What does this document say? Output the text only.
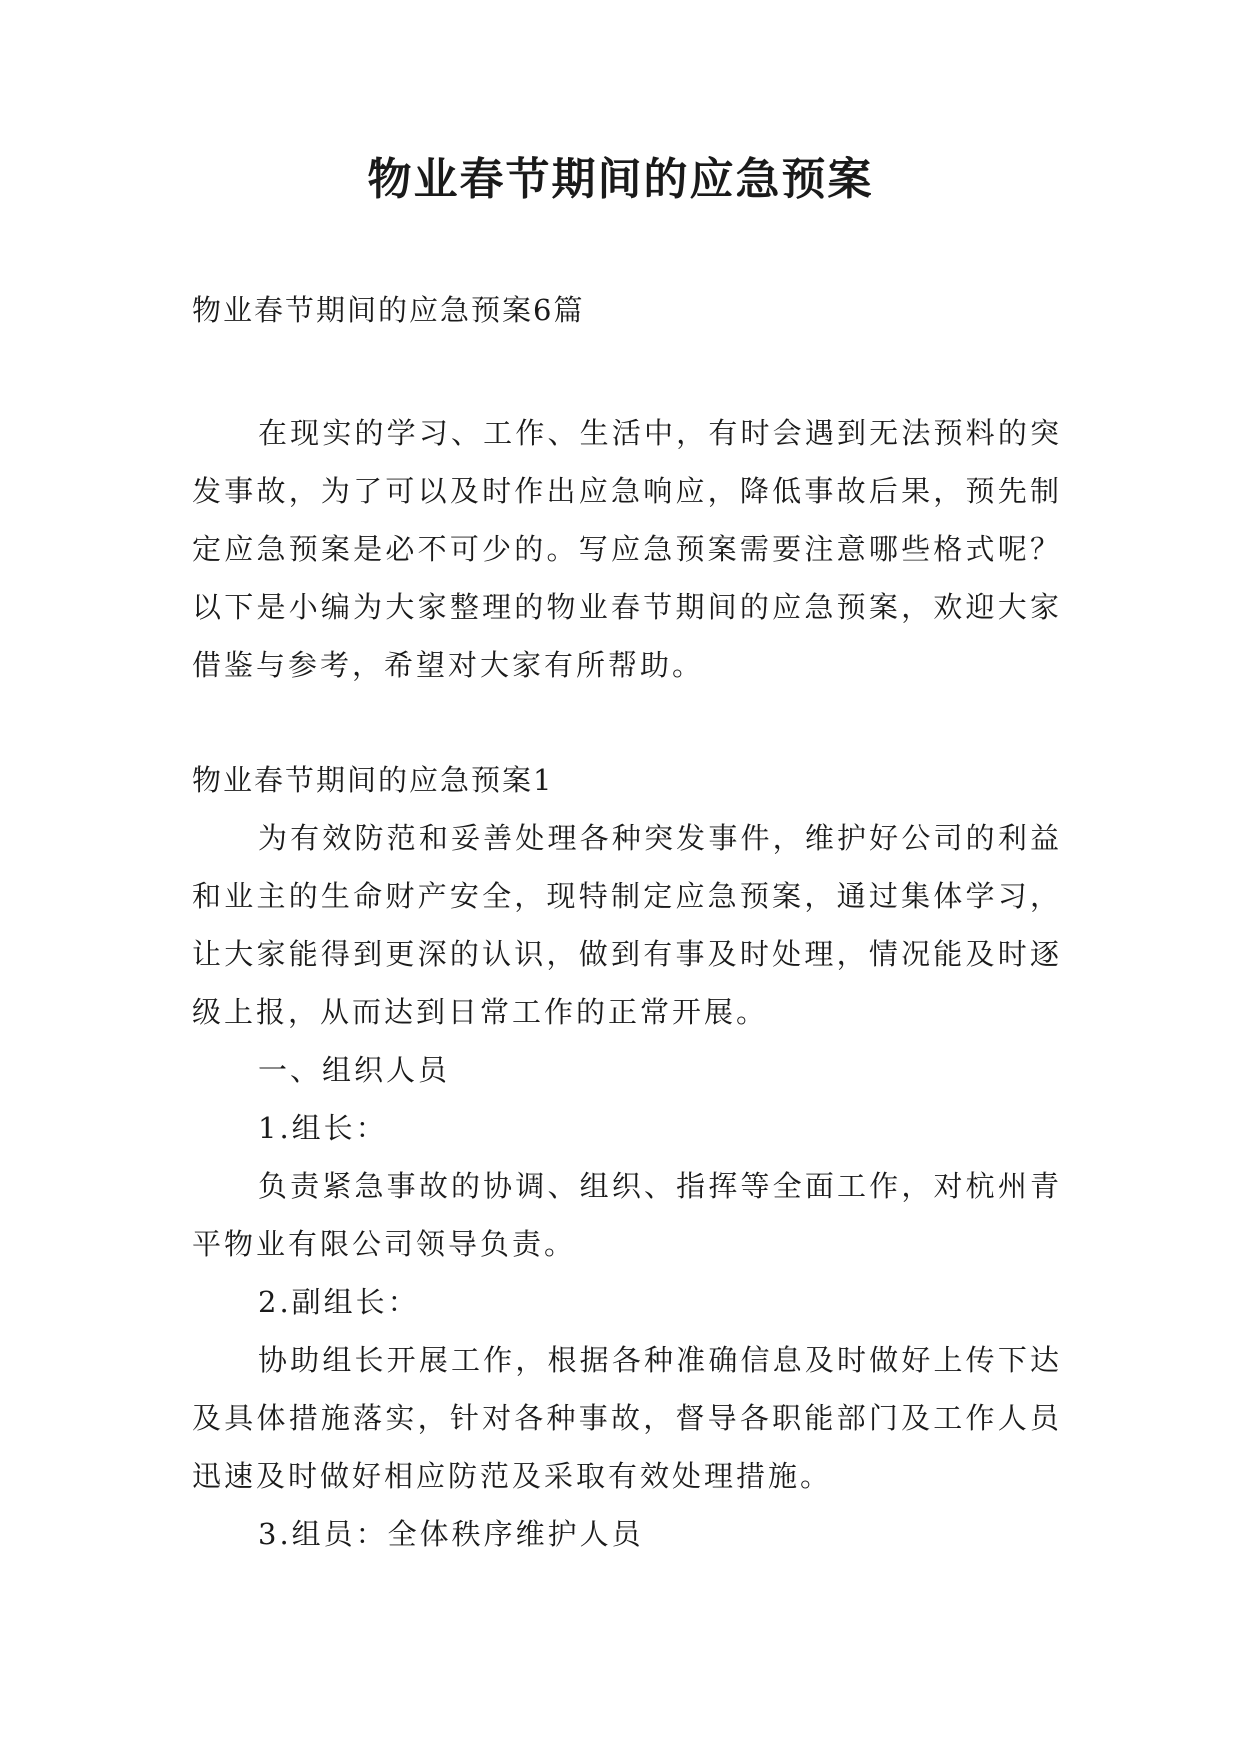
物业春节期间的应急预案

物业春节期间的应急预案6篇

在现实的学习、工作、生活中，有时会遇到无法预料的突发事故，为了可以及时作出应急响应，降低事故后果，预先制定应急预案是必不可少的。写应急预案需要注意哪些格式呢？以下是小编为大家整理的物业春节期间的应急预案，欢迎大家借鉴与参考，希望对大家有所帮助。

物业春节期间的应急预案1

为有效防范和妥善处理各种突发事件，维护好公司的利益和业主的生命财产安全，现特制定应急预案，通过集体学习，让大家能得到更深的认识，做到有事及时处理，情况能及时逐级上报，从而达到日常工作的正常开展。

一、组织人员

1.组长：

负责紧急事故的协调、组织、指挥等全面工作，对杭州青平物业有限公司领导负责。

2.副组长：

协助组长开展工作，根据各种准确信息及时做好上传下达及具体措施落实，针对各种事故，督导各职能部门及工作人员迅速及时做好相应防范及采取有效处理措施。

3.组员：全体秩序维护人员
